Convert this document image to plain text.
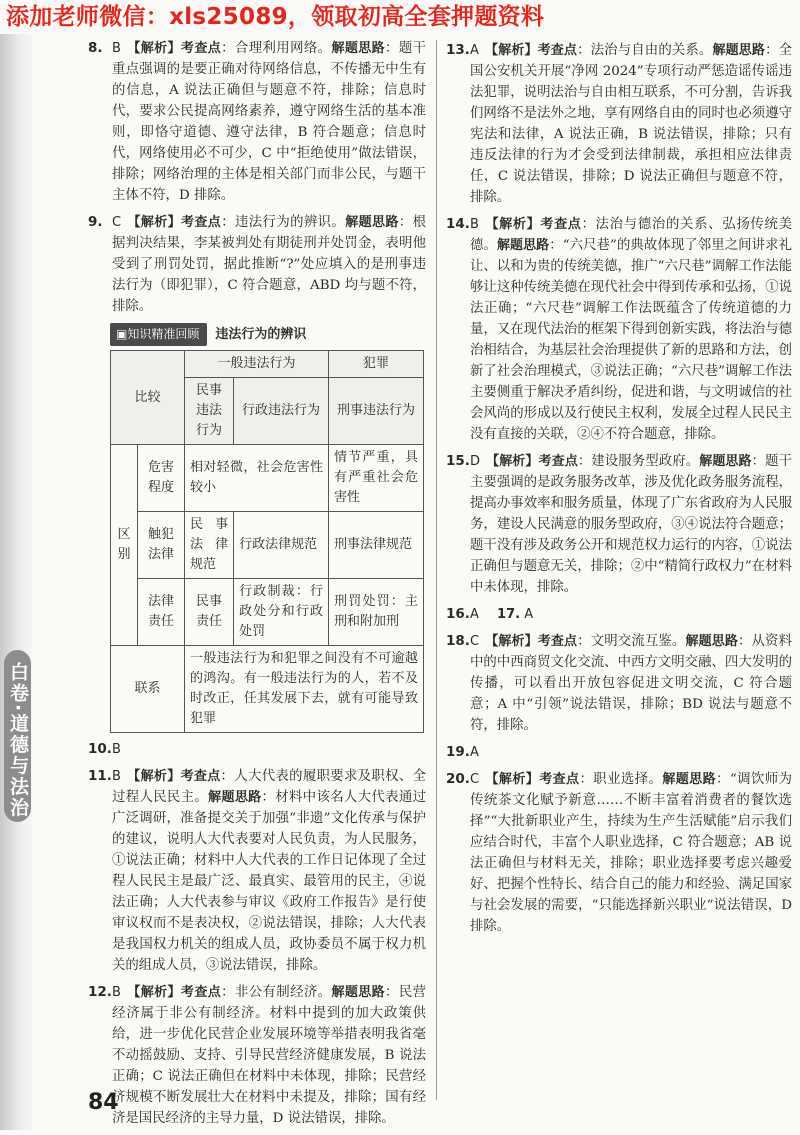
添加老师微信：xls25089，领取初高全套押题资料
白卷·道德与法治
8. B 【解析】考查点：合理利用网络。解题思路：题干重点强调的是要正确对待网络信息，不传播无中生有的信息，A 说法正确但与题意不符，排除；信息时代，要求公民提高网络素养，遵守网络生活的基本准则，即恪守道德、遵守法律，B 符合题意；信息时代，网络使用必不可少，C 中“拒绝使用”做法错误，排除；网络治理的主体是相关部门而非公民，与题干主体不符，D 排除。
9. C 【解析】考查点：违法行为的辨识。解题思路：根据判决结果，李某被判处有期徒刑并处罚金，表明他受到了刑罚处罚，据此推断“?”处应填入的是刑事违法行为（即犯罪），C 符合题意，ABD 均与题不符，排除。
▣ 知识精准回顾	违法行为的辨识
比较		一般违法行为		犯罪
		民事违法行为	行政违法行为	刑事违法行为
区别	危害程度	相对轻微，社会危害性较小		情节严重，具有严重社会危害性
	触犯法律	民事法律规范	行政法律规范	刑事法律规范
	法律责任	民事责任	行政制裁：行政处分和行政处罚	刑罚处罚：主刑和附加刑
联系		一般违法行为和犯罪之间没有不可逾越的鸿沟。有一般违法行为的人，若不及时改正，任其发展下去，就有可能导致犯罪		
10. B
11. B 【解析】考查点：人大代表的履职要求及职权、全过程人民民主。解题思路：材料中该名人大代表通过广泛调研，准备提交关于加强“非遗”文化传承与保护的建议，说明人大代表要对人民负责，为人民服务，①说法正确；材料中人大代表的工作日记体现了全过程人民民主是最广泛、最真实、最管用的民主，④说法正确；人大代表参与审议《政府工作报告》是行使审议权而不是表决权，②说法错误，排除；人大代表是我国权力机关的组成人员，政协委员不属于权力机关的组成人员，③说法错误，排除。
12. B 【解析】考查点：非公有制经济。解题思路：民营经济属于非公有制经济。材料中提到的加大政策供给，进一步优化民营企业发展环境等举措表明我省毫不动摇鼓励、支持、引导民营经济健康发展，B 说法正确；C 说法正确但在材料中未体现，排除；民营经济规模不断发展壮大在材料中未提及，排除；国有经济是国民经济的主导力量，D 说法错误，排除。
13. A 【解析】考查点：法治与自由的关系。解题思路：全国公安机关开展“净网 2024”专项行动严惩造谣传谣违法犯罪，说明法治与自由相互联系，不可分割，告诉我们网络不是法外之地，享有网络自由的同时也必须遵守宪法和法律，A 说法正确，B 说法错误，排除；只有违反法律的行为才会受到法律制裁，承担相应法律责任，C 说法错误，排除；D 说法正确但与题意不符，排除。
14. B 【解析】考查点：法治与德治的关系、弘扬传统美德。解题思路：“六尺巷”的典故体现了邻里之间讲求礼让、以和为贵的传统美德，推广“六尺巷”调解工作法能够让这种传统美德在现代社会中得到传承和弘扬，①说法正确；“六尺巷”调解工作法既蕴含了传统道德的力量，又在现代法治的框架下得到创新实践，将法治与德治相结合，为基层社会治理提供了新的思路和方法，创新了社会治理模式，③说法正确；“六尺巷”调解工作法主要侧重于解决矛盾纠纷，促进和谐，与文明诚信的社会风尚的形成以及行使民主权利，发展全过程人民民主没有直接的关联，②④不符合题意，排除。
15. D 【解析】考查点：建设服务型政府。解题思路：题干主要强调的是政务服务改革，涉及优化政务服务流程，提高办事效率和服务质量，体现了广东省政府为人民服务，建设人民满意的服务型政府，③④说法符合题意；题干没有涉及政务公开和规范权力运行的内容，①说法正确但与题意无关，排除；②中“精简行政权力”在材料中未体现，排除。
16. A 17. A
18. C 【解析】考查点：文明交流互鉴。解题思路：从资料中的中西商贸文化交流、中西方文明交融、四大发明的传播，可以看出开放包容促进文明交流，C 符合题意；A 中“引领”说法错误，排除；BD 说法与题意不符，排除。
19. A
20. C 【解析】考查点：职业选择。解题思路：“调饮师为传统茶文化赋予新意……不断丰富着消费者的餐饮选择”“大批新职业产生，持续为生产生活赋能”启示我们应结合时代，丰富个人职业选择，C 符合题意；AB 说法正确但与材料无关，排除；职业选择要考虑兴趣爱好、把握个性特长、结合自己的能力和经验、满足国家与社会发展的需要，“只能选择新兴职业”说法错误，D 排除。
84
